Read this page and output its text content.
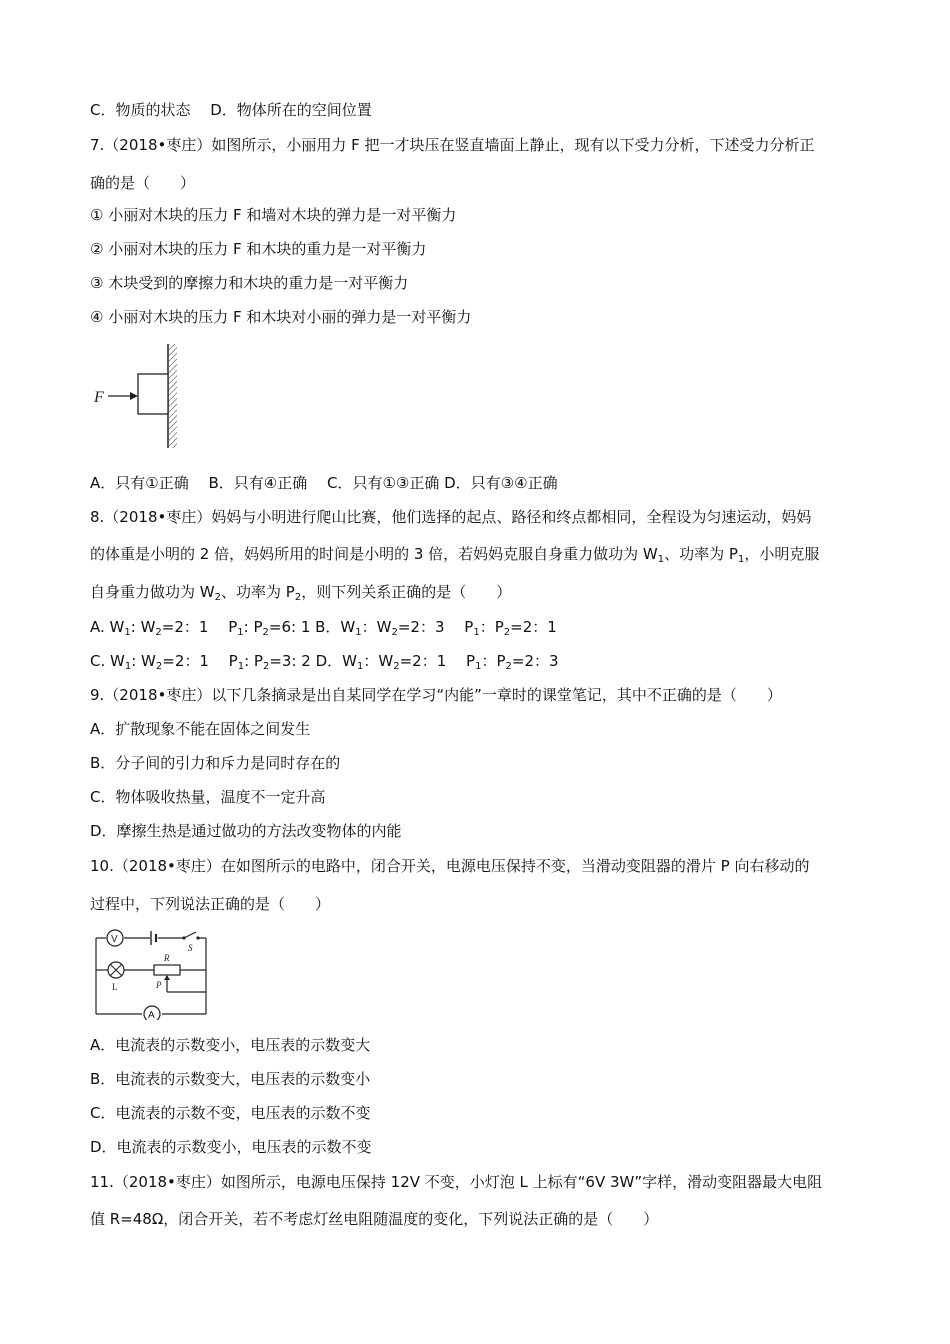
C．物质的状态　 D．物体所在的空间位置
7.（2018•枣庄）如图所示，小丽用力 F 把一才块压在竖直墙面上静止，现有以下受力分析，下述受力分析正
确的是（　　）
① 小丽对木块的压力 F 和墙对木块的弹力是一对平衡力
② 小丽对木块的压力 F 和木块的重力是一对平衡力
③ 木块受到的摩擦力和木块的重力是一对平衡力
④ 小丽对木块的压力 F 和木块对小丽的弹力是一对平衡力
F
A．只有①正确　 B．只有④正确　 C．只有①③正确 D．只有③④正确
8.（2018•枣庄）妈妈与小明进行爬山比赛，他们选择的起点、路径和终点都相同，全程设为匀速运动，妈妈
的体重是小明的 2 倍，妈妈所用的时间是小明的 3 倍，若妈妈克服自身重力做功为 $W_1$、功率为 $P_1$，小明克服
自身重力做功为 $W_2$、功率为 $P_2$，则下列关系正确的是（　　）
A. $W_1$: $W_2=2$：1　 $P_1$: $P_2=6$: 1 B．$W_1$：$W_2=2$：3　 $P_1$：$P_2=2$：1
C. $W_1$: $W_2=2$：1　 $P_1$: $P_2=3$: 2 D．$W_1$：$W_2=2$：1　 $P_1$：$P_2=2$：3
9.（2018•枣庄）以下几条摘录是出自某同学在学习“内能”一章时的课堂笔记，其中不正确的是（　　）
A．扩散现象不能在固体之间发生
B．分子间的引力和斥力是同时存在的
C．物体吸收热量，温度不一定升高
D．摩擦生热是通过做功的方法改变物体的内能
10.（2018•枣庄）在如图所示的电路中，闭合开关，电源电压保持不变，当滑动变阻器的滑片 P 向右移动的
过程中，下列说法正确的是（　　）
V
S
L
R
P
A
A．电流表的示数变小，电压表的示数变大
B．电流表的示数变大，电压表的示数变小
C．电流表的示数不变，电压表的示数不变
D．电流表的示数变小，电压表的示数不变
11.（2018•枣庄）如图所示，电源电压保持 12V 不变，小灯泡 L 上标有“6V 3W”字样，滑动变阻器最大电阻
值 R=48Ω，闭合开关，若不考虑灯丝电阻随温度的变化，下列说法正确的是（　　）
